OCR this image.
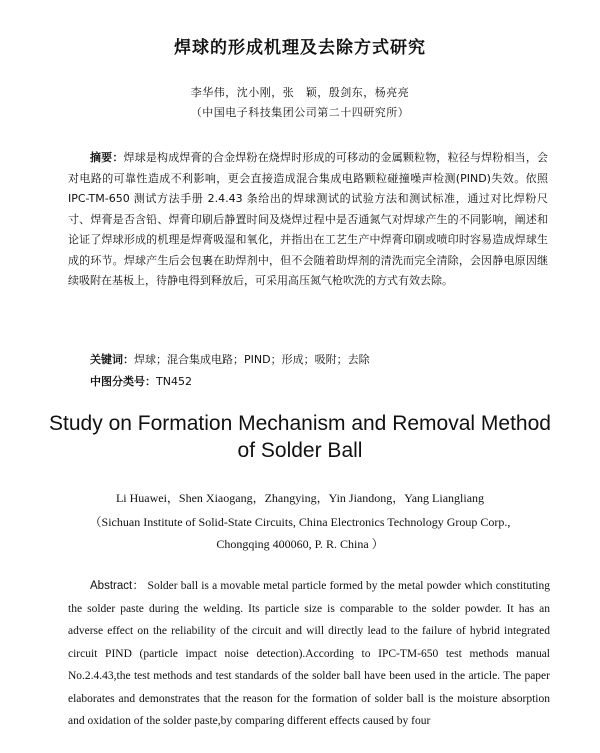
焊球的形成机理及去除方式研究
李华伟，沈小刚，张　颖，殷剑东，杨亮亮
（中国电子科技集团公司第二十四研究所）
摘要：焊球是构成焊膏的合金焊粉在烧焊时形成的可移动的金属颗粒物，粒径与焊粉相当，会对电路的可靠性造成不利影响，更会直接造成混合集成电路颗粒碰撞噪声检测(PIND)失效。依照 IPC-TM-650 测试方法手册 2.4.43 条给出的焊球测试的试验方法和测试标准，通过对比焊粉尺寸、焊膏是否含铅、焊膏印刷后静置时间及烧焊过程中是否通氮气对焊球产生的不同影响，阐述和论证了焊球形成的机理是焊膏吸湿和氧化，并指出在工艺生产中焊膏印刷或喷印时容易造成焊球生成的环节。焊球产生后会包裹在助焊剂中，但不会随着助焊剂的清洗而完全清除，会因静电原因继续吸附在基板上，待静电得到释放后，可采用高压氮气枪吹洗的方式有效去除。
关键词：焊球；混合集成电路；PIND；形成；吸附；去除
中图分类号：TN452
Study on Formation Mechanism and Removal Method of Solder Ball
Li Huawei，Shen Xiaogang，Zhangying，Yin Jiandong，Yang Liangliang
（Sichuan Institute of Solid-State Circuits, China Electronics Technology Group Corp.,
Chongqing 400060, P. R. China ）
Abstract： Solder ball is a movable metal particle formed by the metal powder which constituting the solder paste during the welding. Its particle size is comparable to the solder powder. It has an adverse effect on the reliability of the circuit and will directly lead to the failure of hybrid integrated circuit PIND (particle impact noise detection).According to IPC-TM-650 test methods manual No.2.4.43,the test methods and test standards of the solder ball have been used in the article. The paper elaborates and demonstrates that the reason for the formation of solder ball is the moisture absorption and oxidation of the solder paste,by comparing different effects caused by four
